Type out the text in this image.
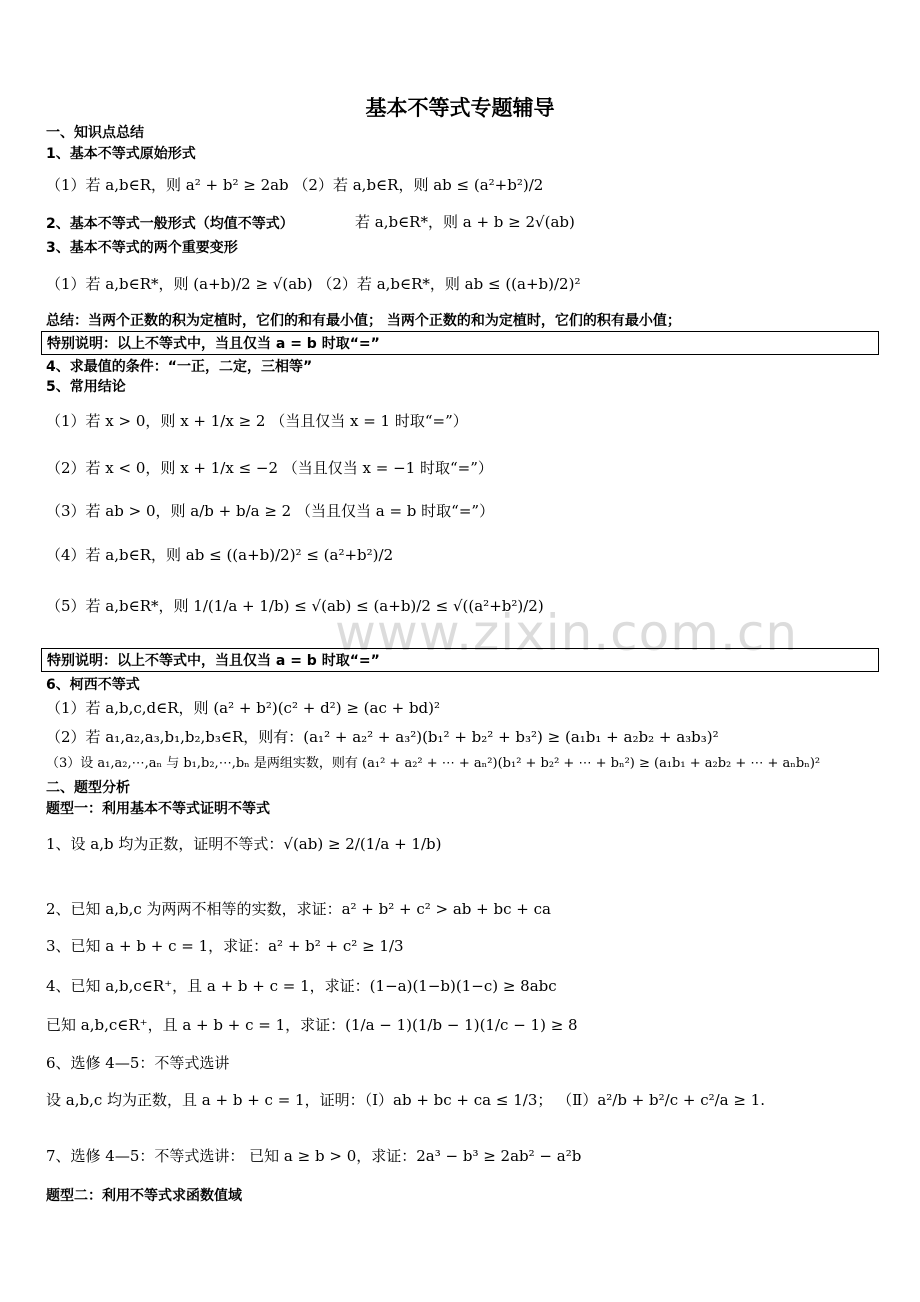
基本不等式专题辅导
一、知识点总结
1、基本不等式原始形式
（1）若 a,b∈R，则 a² + b² ≥ 2ab （2）若 a,b∈R，则 ab ≤ (a²+b²)/2
2、基本不等式一般形式（均值不等式）	若 a,b∈R*，则 a + b ≥ 2√(ab)
3、基本不等式的两个重要变形
（1）若 a,b∈R*，则 (a+b)/2 ≥ √(ab) （2）若 a,b∈R*，则 ab ≤ ((a+b)/2)²
总结：当两个正数的积为定植时，它们的和有最小值； 当两个正数的和为定植时，它们的积有最小值；
特别说明：以上不等式中，当且仅当 a = b 时取“=”
4、求最值的条件：“一正，二定，三相等”
5、常用结论
（1）若 x > 0，则 x + 1/x ≥ 2 （当且仅当 x = 1 时取“=”）
（2）若 x < 0，则 x + 1/x ≤ −2 （当且仅当 x = −1 时取“=”）
（3）若 ab > 0，则 a/b + b/a ≥ 2 （当且仅当 a = b 时取“=”）
（4）若 a,b∈R，则 ab ≤ ((a+b)/2)² ≤ (a²+b²)/2
（5）若 a,b∈R*，则 1/(1/a + 1/b) ≤ √(ab) ≤ (a+b)/2 ≤ √((a²+b²)/2)
www.zixin.com.cn
特别说明：以上不等式中，当且仅当 a = b 时取“=”
6、柯西不等式
（1）若 a,b,c,d∈R，则 (a² + b²)(c² + d²) ≥ (ac + bd)²
（2）若 a₁,a₂,a₃,b₁,b₂,b₃∈R，则有：(a₁² + a₂² + a₃²)(b₁² + b₂² + b₃²) ≥ (a₁b₁ + a₂b₂ + a₃b₃)²
（3）设 a₁,a₂,⋯,aₙ 与 b₁,b₂,⋯,bₙ 是两组实数，则有 (a₁² + a₂² + ⋯ + aₙ²)(b₁² + b₂² + ⋯ + bₙ²) ≥ (a₁b₁ + a₂b₂ + ⋯ + aₙbₙ)²
二、题型分析
题型一：利用基本不等式证明不等式
1、设 a,b 均为正数，证明不等式：√(ab) ≥ 2/(1/a + 1/b)
2、已知 a,b,c 为两两不相等的实数，求证：a² + b² + c² > ab + bc + ca
3、已知 a + b + c = 1，求证：a² + b² + c² ≥ 1/3
4、已知 a,b,c∈R⁺，且 a + b + c = 1，求证：(1−a)(1−b)(1−c) ≥ 8abc
已知 a,b,c∈R⁺，且 a + b + c = 1，求证：(1/a − 1)(1/b − 1)(1/c − 1) ≥ 8
6、选修 4—5：不等式选讲
设 a,b,c 均为正数，且 a + b + c = 1，证明：（Ⅰ）ab + bc + ca ≤ 1/3； （Ⅱ）a²/b + b²/c + c²/a ≥ 1.
7、选修 4—5：不等式选讲： 已知 a ≥ b > 0，求证：2a³ − b³ ≥ 2ab² − a²b
题型二：利用不等式求函数值域
